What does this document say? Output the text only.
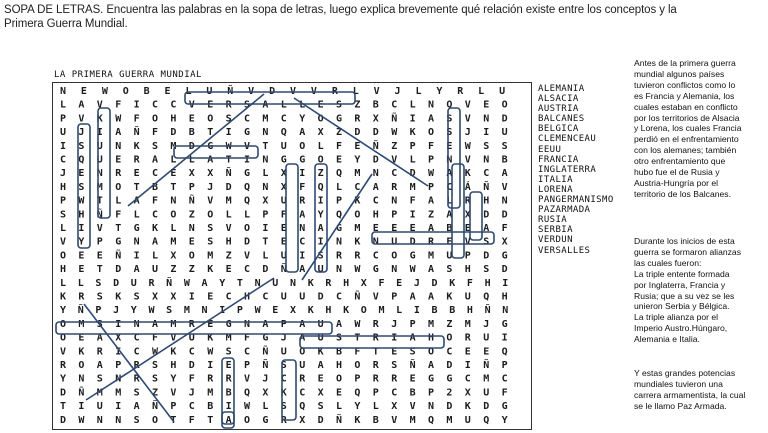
SOPA DE LETRAS. Encuentra las palabras en la sopa de letras, luego explica brevemente qué relación existe entre los conceptos y la Primera Guerra Mundial.
LA PRIMERA GUERRA MUNDIAL
N E W O B E L U Ñ V D V V R L V J L Y R L U
L A V F I C C V E R S A L L E S Z B C L N Q V E O
P V K W F O H E O S C M C Y O G R X Ñ I A S V N D
U J I A Ñ F D B T I G N Q A X Z D D W K O S J I U
I S U N K S M D G W V T U O L F E Ñ Z P F E W S S
C Q U E R A L L A T I N G G O E Y D V L P N V N B
J E N R E C E X X Ñ G L X I Z Q M N C D W A K C A
H S M O T B T P J D Q N X F Q L C A R M P C Á Ñ V
P W T L A F N Ñ V M Q X U R I P K C N F A L R H N
S H Ñ F L C O Z O L L P F A Y Q O H P I Z A X D D
L I V T G K L N S V O I E N A G M E E E A B E A F
V Y P G N A M E S H D T E C I N K N U D R E V S X
O E E Ñ I L X O M Z V L U I S R R C O G M U P D G
H E T D A U Z Z K E C D Ñ A U N W G N W A S H S D
L L S D U R Ñ W A Y T N U N K R H X F E J D K F H I
K R S K S X X I E C H C U U D C Ñ V P A A K U Q H
Y Ñ P J Y W S M N I P W E X K H K O M L I B B H Ñ N
O M S I N A M R E G N A P A U A W R J P M Z M J G
O E A X C F V U K M F G J A U S T R I A H O R U I
V K R I C W K C W S C Ñ U O K B F T E S O C E E Q
R O A P R S H D I E P Ñ S U A H O R S Ñ A D I Ñ P
Y N S N R S Y F R R V J C R E O P R R E G G C M C
D Ñ M M S Z V J M B Q X K C X E Q P C B P 2 X U F
T I U I A Ñ P C B I W L S Q S L Y L X V N D K D G
D W N N S O T F T A O G R X D Ñ K B V M Q M U Q Y
ALEMANIA
ALSACIA
AUSTRIA
BALCANES
BELGICA
CLEMENCEAU
EEUU
FRANCIA
INGLATERRA
ITALIA
LORENA
PANGERMANISMO
PAZARMADA
RUSIA
SERBIA
VERDUN
VERSALLES
Antes de la primera guerra
mundial algunos países
tuvieron conflictos como lo
es Francia y Alemania, los
cuales estaban en conflicto
por los territorios de Alsacia
y Lorena, los cuales Francia
perdió en el enfrentamiento
con los alemanes; también
otro enfrentamiento que
hubo fue el de Rusia y
Austria-Hungría por el
territorio de los Balcanes.
Durante los inicios de esta
guerra se formaron alianzas
las cuales fueron:
La triple entente formada
por Inglaterra, Francia y
Rusia; que a su vez se les
unieron Serbia y Bélgica.
La triple alianza por el
Imperio Austro.Húngaro,
Alemania e Italia.
Y estas grandes potencias
mundiales tuvieron una
carrera armamentista, la cual
se le llamo Paz Armada.
